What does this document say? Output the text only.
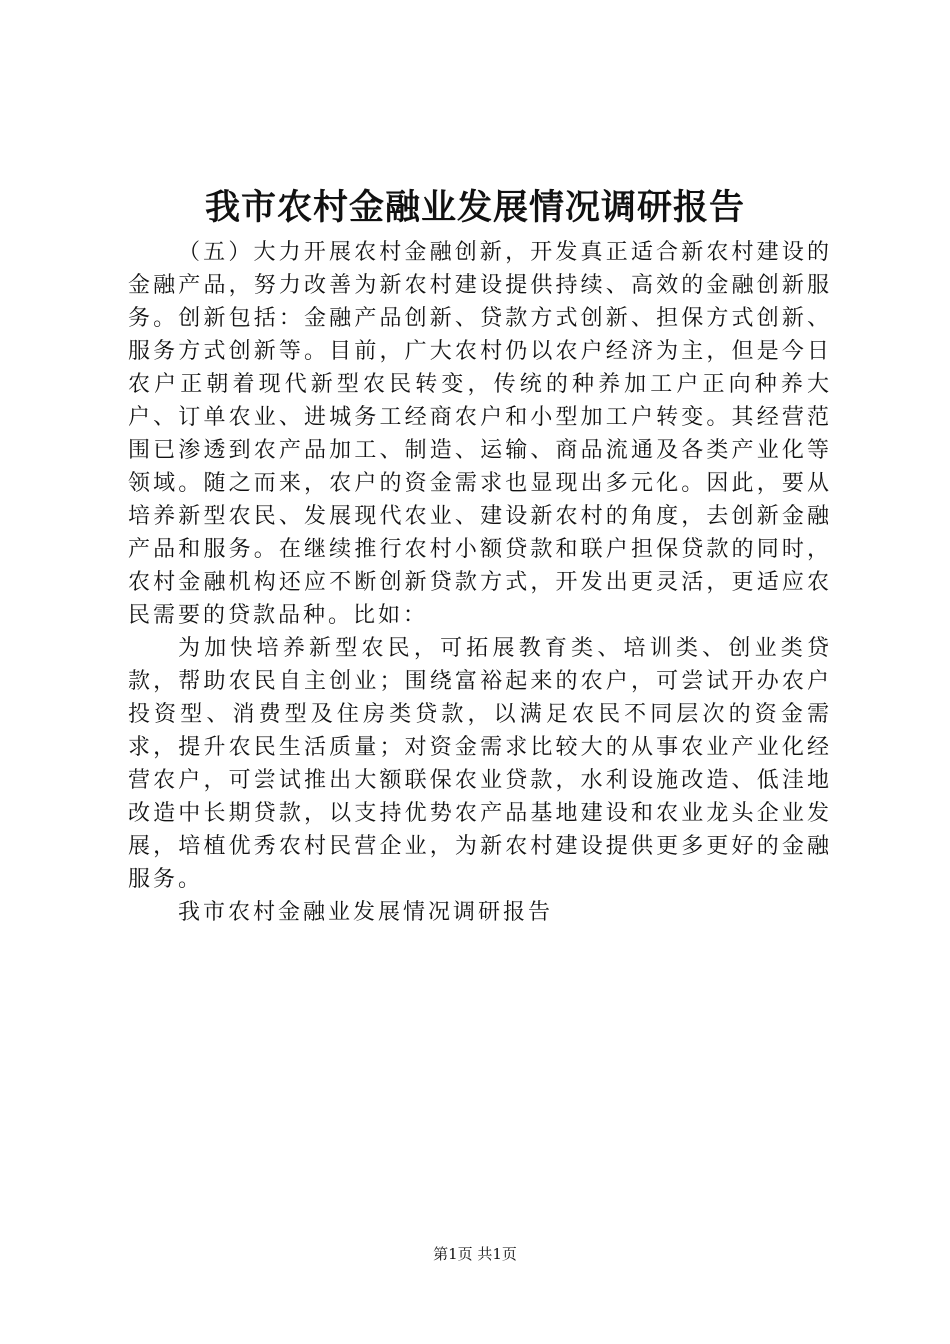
我市农村金融业发展情况调研报告

（五）大力开展农村金融创新，开发真正适合新农村建设的金融产品，努力改善为新农村建设提供持续、高效的金融创新服务。创新包括：金融产品创新、贷款方式创新、担保方式创新、服务方式创新等。目前，广大农村仍以农户经济为主，但是今日农户正朝着现代新型农民转变，传统的种养加工户正向种养大户、订单农业、进城务工经商农户和小型加工户转变。其经营范围已渗透到农产品加工、制造、运输、商品流通及各类产业化等领域。随之而来，农户的资金需求也显现出多元化。因此，要从培养新型农民、发展现代农业、建设新农村的角度，去创新金融产品和服务。在继续推行农村小额贷款和联户担保贷款的同时，农村金融机构还应不断创新贷款方式，开发出更灵活，更适应农民需要的贷款品种。比如：

为加快培养新型农民，可拓展教育类、培训类、创业类贷款，帮助农民自主创业；围绕富裕起来的农户，可尝试开办农户投资型、消费型及住房类贷款，以满足农民不同层次的资金需求，提升农民生活质量；对资金需求比较大的从事农业产业化经营农户，可尝试推出大额联保农业贷款，水利设施改造、低洼地改造中长期贷款，以支持优势农产品基地建设和农业龙头企业发展，培植优秀农村民营企业，为新农村建设提供更多更好的金融服务。

我市农村金融业发展情况调研报告

第1页 共1页
